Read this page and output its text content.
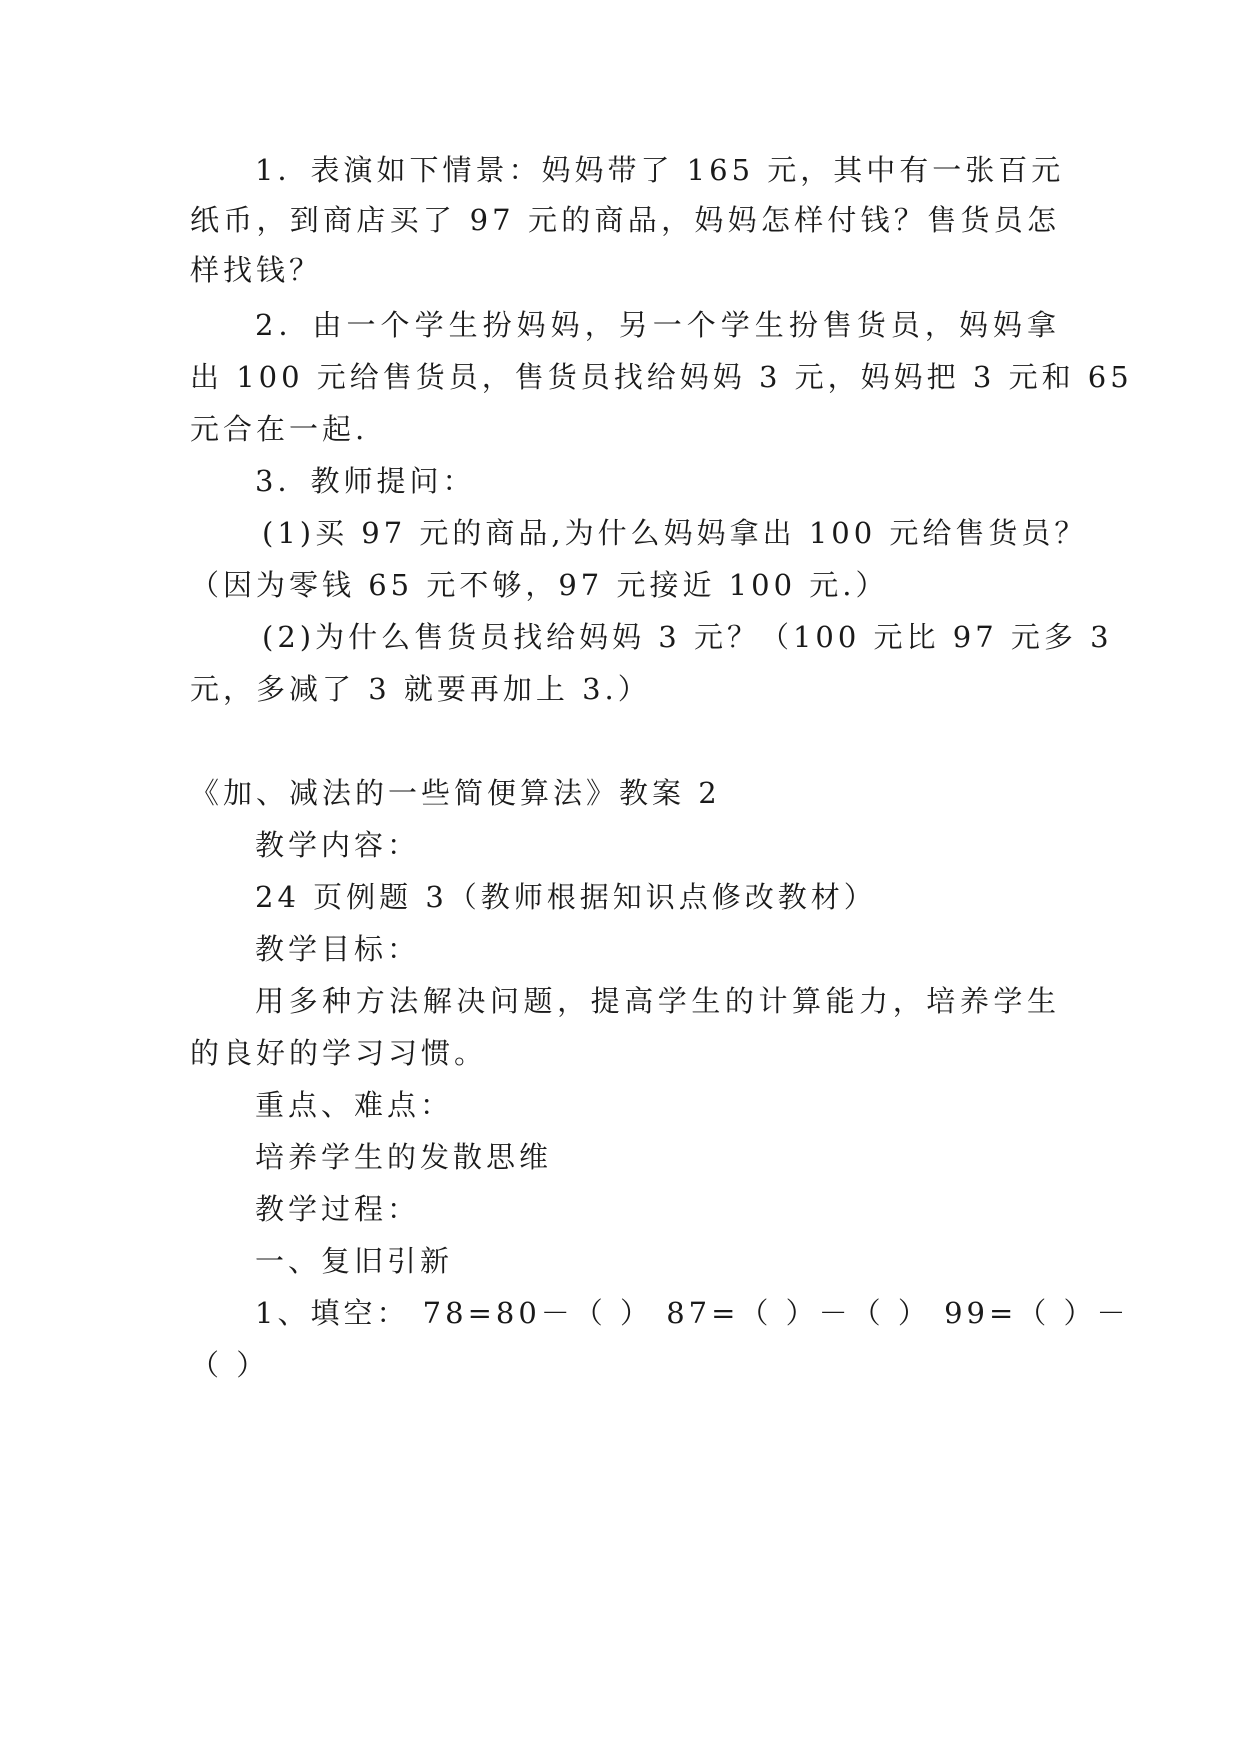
1．表演如下情景：妈妈带了 165 元，其中有一张百元
纸币，到商店买了 97 元的商品，妈妈怎样付钱？售货员怎
样找钱？
2．由一个学生扮妈妈，另一个学生扮售货员，妈妈拿
出 100 元给售货员，售货员找给妈妈 3 元，妈妈把 3 元和 65
元合在一起.
3．教师提问：
(1)买 97 元的商品,为什么妈妈拿出 100 元给售货员？
（因为零钱 65 元不够，97 元接近 100 元.）
(2)为什么售货员找给妈妈 3 元？（100 元比 97 元多 3
元，多减了 3 就要再加上 3.）
《加、减法的一些简便算法》教案 2
教学内容：
24 页例题 3（教师根据知识点修改教材）
教学目标：
用多种方法解决问题，提高学生的计算能力，培养学生
的良好的学习习惯。
重点、难点：
培养学生的发散思维
教学过程：
一、复旧引新
1、填空： 78=80－（ ） 87=（ ）－（ ） 99=（ ）－
（ ）
